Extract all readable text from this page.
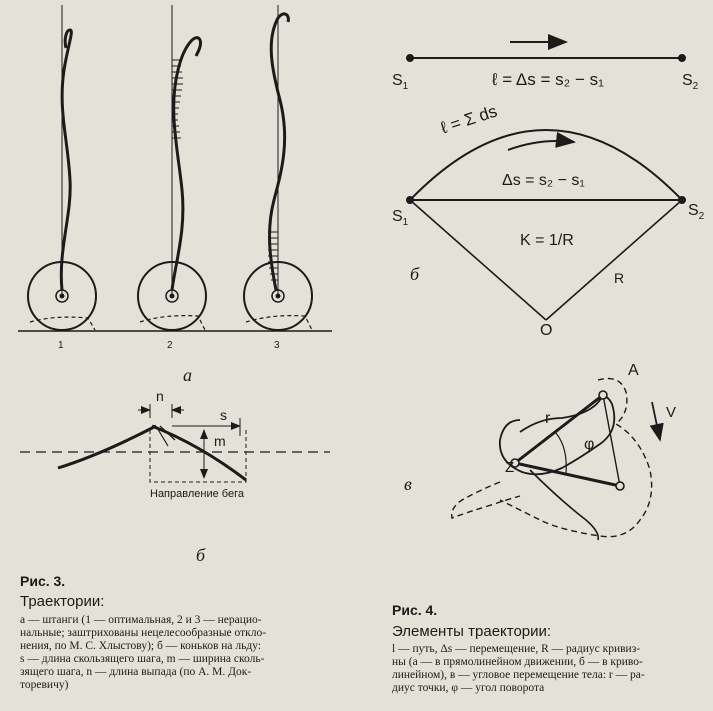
1	2	3
а
n
s
m
Направление бега
б
Рис. 3.
Траектории:
а — штанги (1 — оптимальная, 2 и 3 — нерацио-
нальные; заштрихованы нецелесообразные откло-
нения, по М. С. Хлыстову); б — коньков на льду:
s — длина скользящего шага, m — ширина сколь-
зящего шага, n — длина выпада (по А. М. Док-
торевичу)
$S_1$	$S_2$
ℓ = Δs = s₂ − s₁
ℓ = Σ ds
Δs = s₂ − s₁
K = 1/R
R
O
$S_1$
$S_2$
б
A
V
r
φ
Z
в
Рис. 4.
Элементы траектории:
l — путь, Δs — перемещение, R — радиус кривиз-
ны (а — в прямолинейном движении, б — в криво-
линейном), в — угловое перемещение тела: r — ра-
диус точки, φ — угол поворота
